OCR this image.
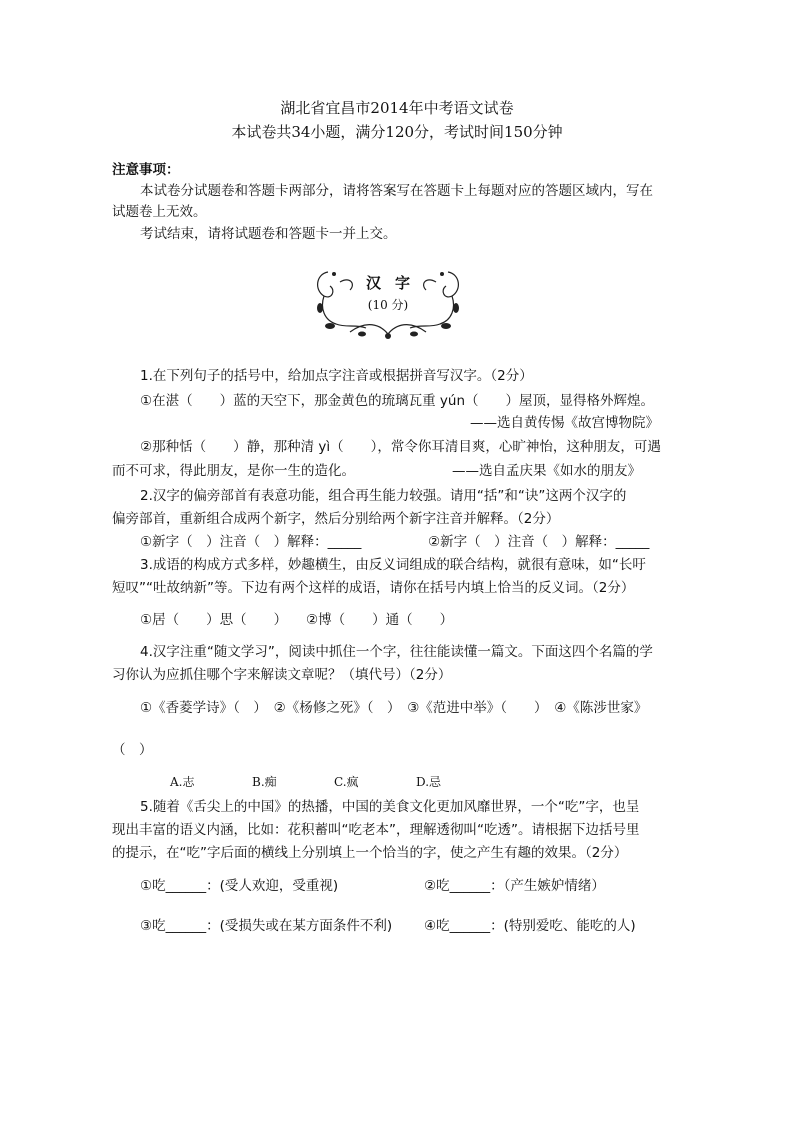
湖北省宜昌市2014年中考语文试卷
本试卷共34小题，满分120分，考试时间150分钟
注意事项：
本试卷分试题卷和答题卡两部分，请将答案写在答题卡上每题对应的答题区域内，写在
试题卷上无效。
考试结束，请将试题卷和答题卡一并上交。
汉字
(10 分)
1.在下列句子的括号中，给加点字注音或根据拼音写汉字。（2分）
①在湛（　　）蓝的天空下，那金黄色的琉璃瓦重 yún（　　）屋顶，显得格外辉煌。
——选自黄传惕《故宫博物院》
②那种恬（　　）静，那种清 yì（　　），常令你耳清目爽，心旷神怡，这种朋友，可遇
而不可求，得此朋友，是你一生的造化。	——选自孟庆果《如水的朋友》
2.汉字的偏旁部首有表意功能，组合再生能力较强。请用“括”和“诀”这两个汉字的
偏旁部首，重新组合成两个新字，然后分别给两个新字注音并解释。（2分）
①新字（　）注音（　）解释：_____	②新字（　）注音（　）解释：_____
3.成语的构成方式多样，妙趣横生，由反义词组成的联合结构，就很有意味，如“长吁
短叹”“吐故纳新”等。下边有两个这样的成语，请你在括号内填上恰当的反义词。（2分）
①居（　　）思（　　） ②博（　　）通（　　）
4.汉字注重“随文学习”，阅读中抓住一个字，往往能读懂一篇文。下面这四个名篇的学
习你认为应抓住哪个字来解读文章呢？（填代号）（2分）
①《香菱学诗》（　）　②《杨修之死》（　）　③《范进中举》（　　）　④《陈涉世家》
（　）
A.志	B.痴	C.疯	D.忌
5.随着《舌尖上的中国》的热播，中国的美食文化更加风靡世界，一个“吃”字，也呈
现出丰富的语义内涵，比如：花积蓄叫“吃老本”，理解透彻叫“吃透”。请根据下边括号里
的提示，在“吃”字后面的横线上分别填上一个恰当的字，使之产生有趣的效果。（2分）
①吃______：(受人欢迎，受重视)	②吃______：（产生嫉妒情绪）
③吃______：(受损失或在某方面条件不利) ④吃______：(特别爱吃、能吃的人)
